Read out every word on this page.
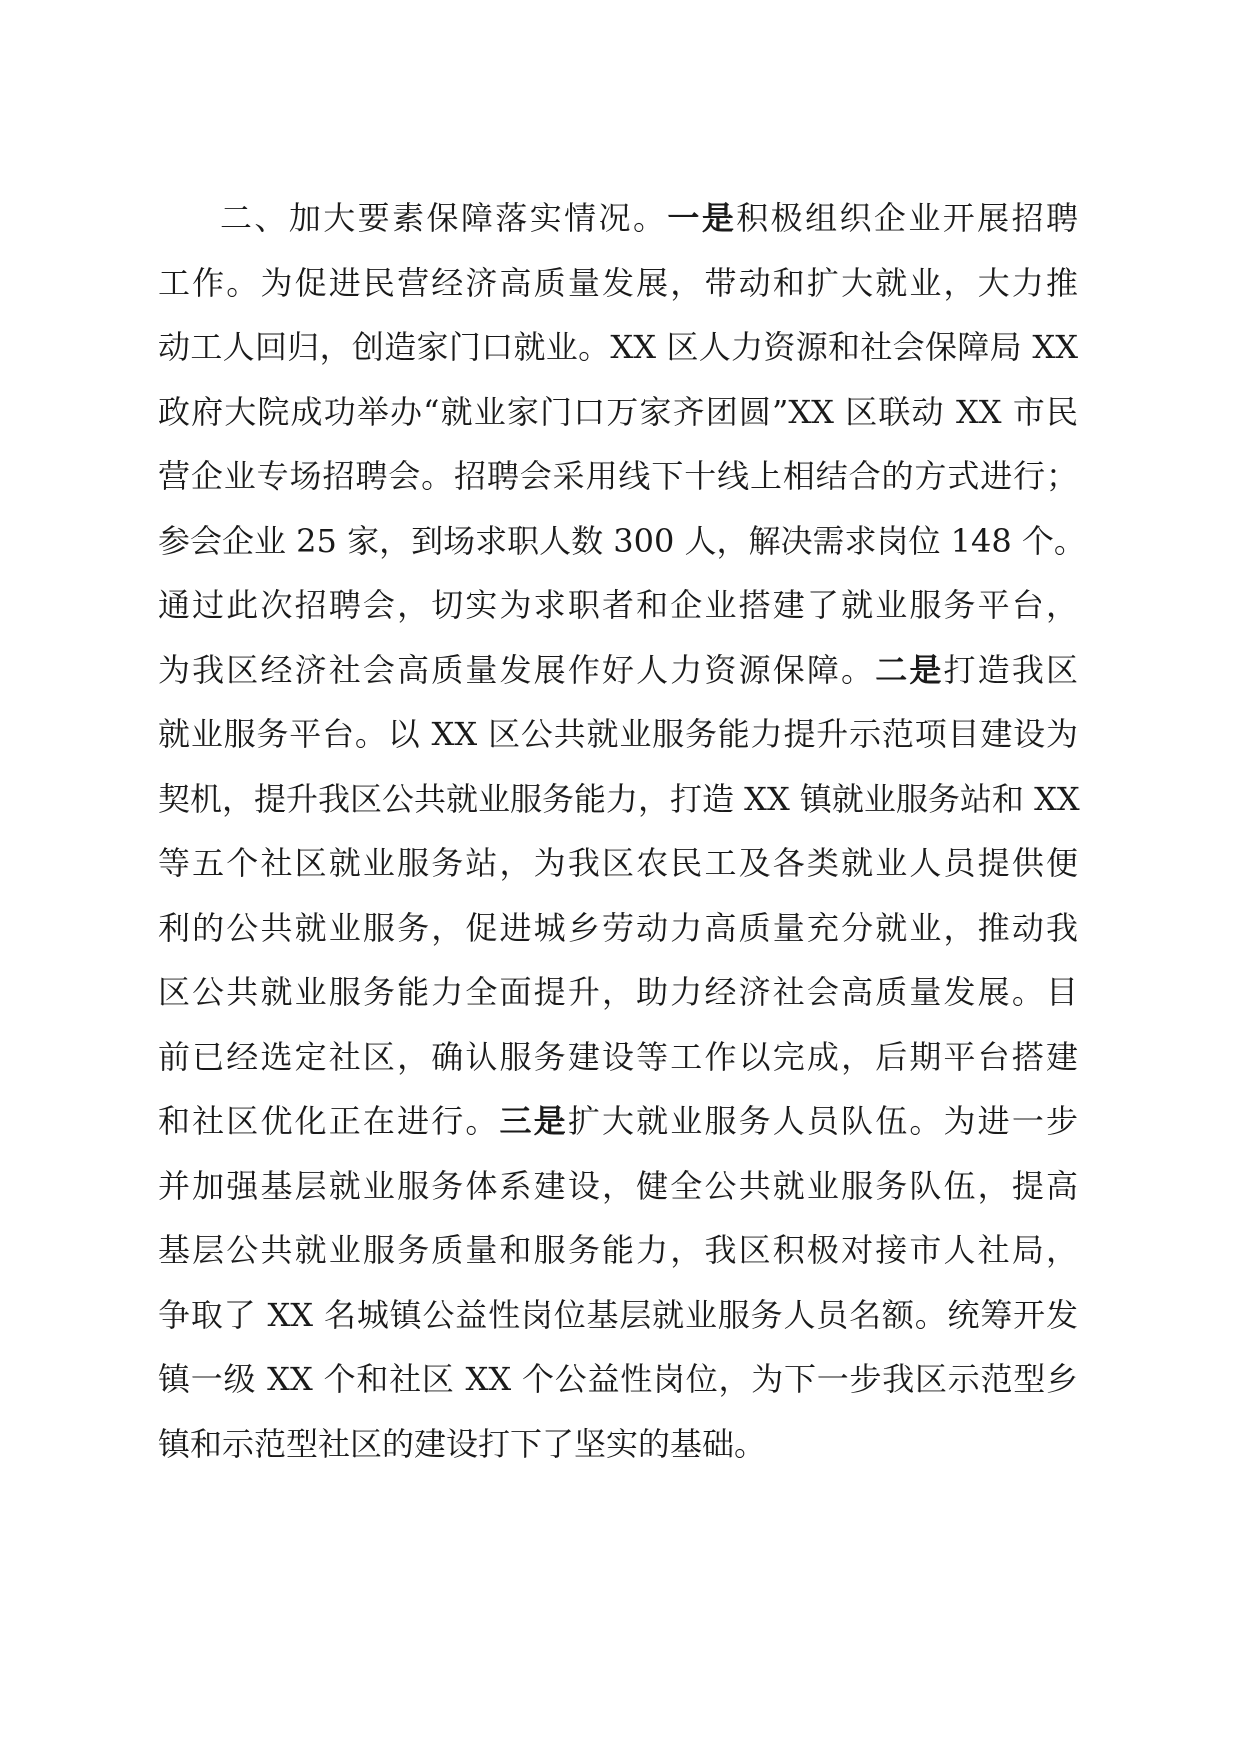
二、加大要素保障落实情况。一是积极组织企业开展招聘
工作。为促进民营经济高质量发展，带动和扩大就业，大力推
动工人回归，创造家门口就业。XX 区人力资源和社会保障局 XX
政府大院成功举办“就业家门口万家齐团圆”XX 区联动 XX 市民
营企业专场招聘会。招聘会采用线下十线上相结合的方式进行；
参会企业 25 家，到场求职人数 300 人，解决需求岗位 148 个。
通过此次招聘会，切实为求职者和企业搭建了就业服务平台，
为我区经济社会高质量发展作好人力资源保障。二是打造我区
就业服务平台。以 XX 区公共就业服务能力提升示范项目建设为
契机，提升我区公共就业服务能力，打造 XX 镇就业服务站和 XX
等五个社区就业服务站，为我区农民工及各类就业人员提供便
利的公共就业服务，促进城乡劳动力高质量充分就业，推动我
区公共就业服务能力全面提升，助力经济社会高质量发展。目
前已经选定社区，确认服务建设等工作以完成，后期平台搭建
和社区优化正在进行。三是扩大就业服务人员队伍。为进一步
并加强基层就业服务体系建设，健全公共就业服务队伍，提高
基层公共就业服务质量和服务能力，我区积极对接市人社局，
争取了 XX 名城镇公益性岗位基层就业服务人员名额。统筹开发
镇一级 XX 个和社区 XX 个公益性岗位，为下一步我区示范型乡
镇和示范型社区的建设打下了坚实的基础。
